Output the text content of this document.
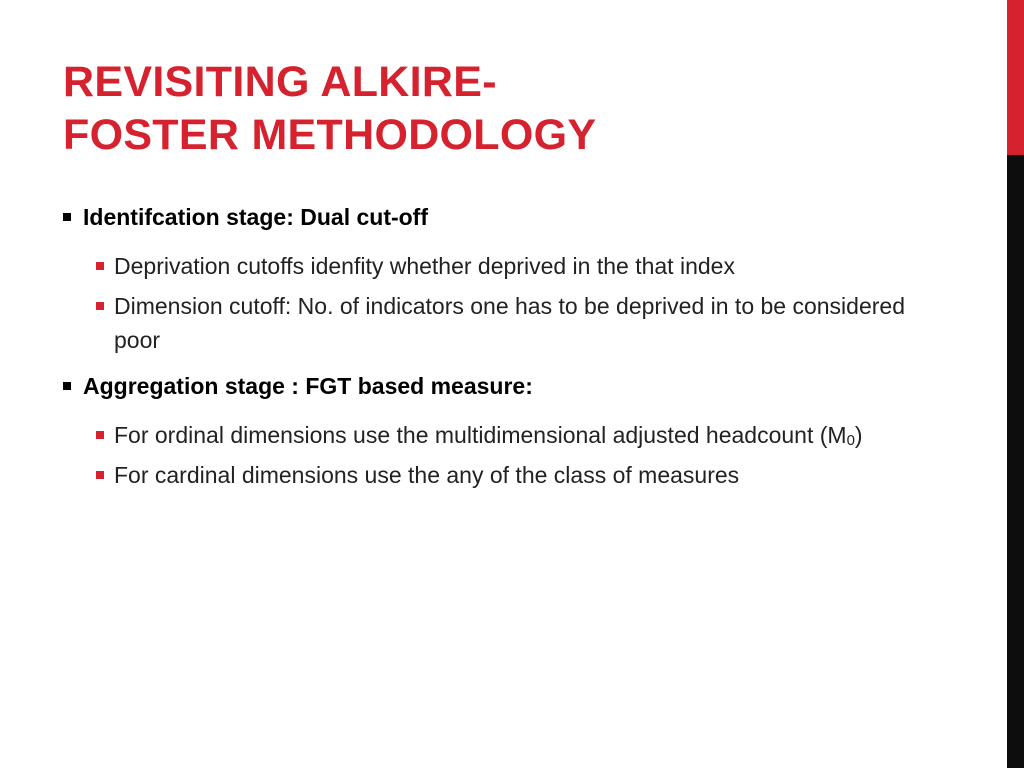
REVISITING ALKIRE-
FOSTER METHODOLOGY
Identifcation stage: Dual cut-off
Deprivation cutoffs idenfity whether deprived in the that index
Dimension cutoff: No. of indicators one has to be deprived in to be considered poor
Aggregation stage : FGT based measure:
For ordinal dimensions use the multidimensional adjusted headcount $(M_0)$
For cardinal dimensions use the any of the class of measures
